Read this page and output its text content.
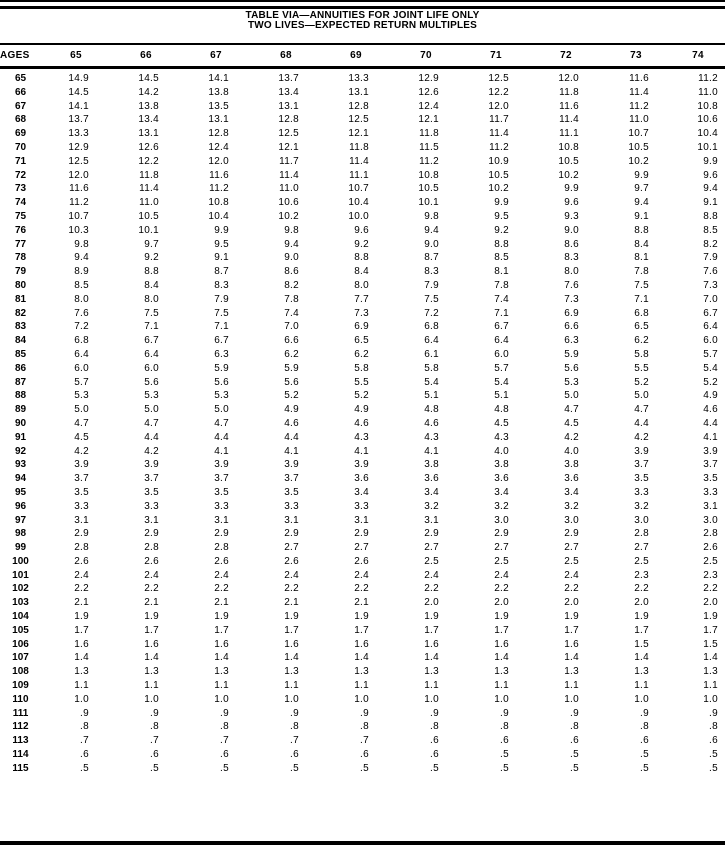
TABLE VIA—ANNUITIES FOR JOINT LIFE ONLY
TWO LIVES—EXPECTED RETURN MULTIPLES
AGES	65	66	67	68	69	70	71	72	73	74
65	14.9	14.5	14.1	13.7	13.3	12.9	12.5	12.0	11.6	11.2
66	14.5	14.2	13.8	13.4	13.1	12.6	12.2	11.8	11.4	11.0
67	14.1	13.8	13.5	13.1	12.8	12.4	12.0	11.6	11.2	10.8
68	13.7	13.4	13.1	12.8	12.5	12.1	11.7	11.4	11.0	10.6
69	13.3	13.1	12.8	12.5	12.1	11.8	11.4	11.1	10.7	10.4
70	12.9	12.6	12.4	12.1	11.8	11.5	11.2	10.8	10.5	10.1
71	12.5	12.2	12.0	11.7	11.4	11.2	10.9	10.5	10.2	9.9
72	12.0	11.8	11.6	11.4	11.1	10.8	10.5	10.2	9.9	9.6
73	11.6	11.4	11.2	11.0	10.7	10.5	10.2	9.9	9.7	9.4
74	11.2	11.0	10.8	10.6	10.4	10.1	9.9	9.6	9.4	9.1
75	10.7	10.5	10.4	10.2	10.0	9.8	9.5	9.3	9.1	8.8
76	10.3	10.1	9.9	9.8	9.6	9.4	9.2	9.0	8.8	8.5
77	9.8	9.7	9.5	9.4	9.2	9.0	8.8	8.6	8.4	8.2
78	9.4	9.2	9.1	9.0	8.8	8.7	8.5	8.3	8.1	7.9
79	8.9	8.8	8.7	8.6	8.4	8.3	8.1	8.0	7.8	7.6
80	8.5	8.4	8.3	8.2	8.0	7.9	7.8	7.6	7.5	7.3
81	8.0	8.0	7.9	7.8	7.7	7.5	7.4	7.3	7.1	7.0
82	7.6	7.5	7.5	7.4	7.3	7.2	7.1	6.9	6.8	6.7
83	7.2	7.1	7.1	7.0	6.9	6.8	6.7	6.6	6.5	6.4
84	6.8	6.7	6.7	6.6	6.5	6.4	6.4	6.3	6.2	6.0
85	6.4	6.4	6.3	6.2	6.2	6.1	6.0	5.9	5.8	5.7
86	6.0	6.0	5.9	5.9	5.8	5.8	5.7	5.6	5.5	5.4
87	5.7	5.6	5.6	5.6	5.5	5.4	5.4	5.3	5.2	5.2
88	5.3	5.3	5.3	5.2	5.2	5.1	5.1	5.0	5.0	4.9
89	5.0	5.0	5.0	4.9	4.9	4.8	4.8	4.7	4.7	4.6
90	4.7	4.7	4.7	4.6	4.6	4.6	4.5	4.5	4.4	4.4
91	4.5	4.4	4.4	4.4	4.3	4.3	4.3	4.2	4.2	4.1
92	4.2	4.2	4.1	4.1	4.1	4.1	4.0	4.0	3.9	3.9
93	3.9	3.9	3.9	3.9	3.9	3.8	3.8	3.8	3.7	3.7
94	3.7	3.7	3.7	3.7	3.6	3.6	3.6	3.6	3.5	3.5
95	3.5	3.5	3.5	3.5	3.4	3.4	3.4	3.4	3.3	3.3
96	3.3	3.3	3.3	3.3	3.3	3.2	3.2	3.2	3.2	3.1
97	3.1	3.1	3.1	3.1	3.1	3.1	3.0	3.0	3.0	3.0
98	2.9	2.9	2.9	2.9	2.9	2.9	2.9	2.9	2.8	2.8
99	2.8	2.8	2.8	2.7	2.7	2.7	2.7	2.7	2.7	2.6
100	2.6	2.6	2.6	2.6	2.6	2.5	2.5	2.5	2.5	2.5
101	2.4	2.4	2.4	2.4	2.4	2.4	2.4	2.4	2.3	2.3
102	2.2	2.2	2.2	2.2	2.2	2.2	2.2	2.2	2.2	2.2
103	2.1	2.1	2.1	2.1	2.1	2.0	2.0	2.0	2.0	2.0
104	1.9	1.9	1.9	1.9	1.9	1.9	1.9	1.9	1.9	1.9
105	1.7	1.7	1.7	1.7	1.7	1.7	1.7	1.7	1.7	1.7
106	1.6	1.6	1.6	1.6	1.6	1.6	1.6	1.6	1.5	1.5
107	1.4	1.4	1.4	1.4	1.4	1.4	1.4	1.4	1.4	1.4
108	1.3	1.3	1.3	1.3	1.3	1.3	1.3	1.3	1.3	1.3
109	1.1	1.1	1.1	1.1	1.1	1.1	1.1	1.1	1.1	1.1
110	1.0	1.0	1.0	1.0	1.0	1.0	1.0	1.0	1.0	1.0
111	.9	.9	.9	.9	.9	.9	.9	.9	.9	.9
112	.8	.8	.8	.8	.8	.8	.8	.8	.8	.8
113	.7	.7	.7	.7	.7	.6	.6	.6	.6	.6
114	.6	.6	.6	.6	.6	.6	.5	.5	.5	.5
115	.5	.5	.5	.5	.5	.5	.5	.5	.5	.5
